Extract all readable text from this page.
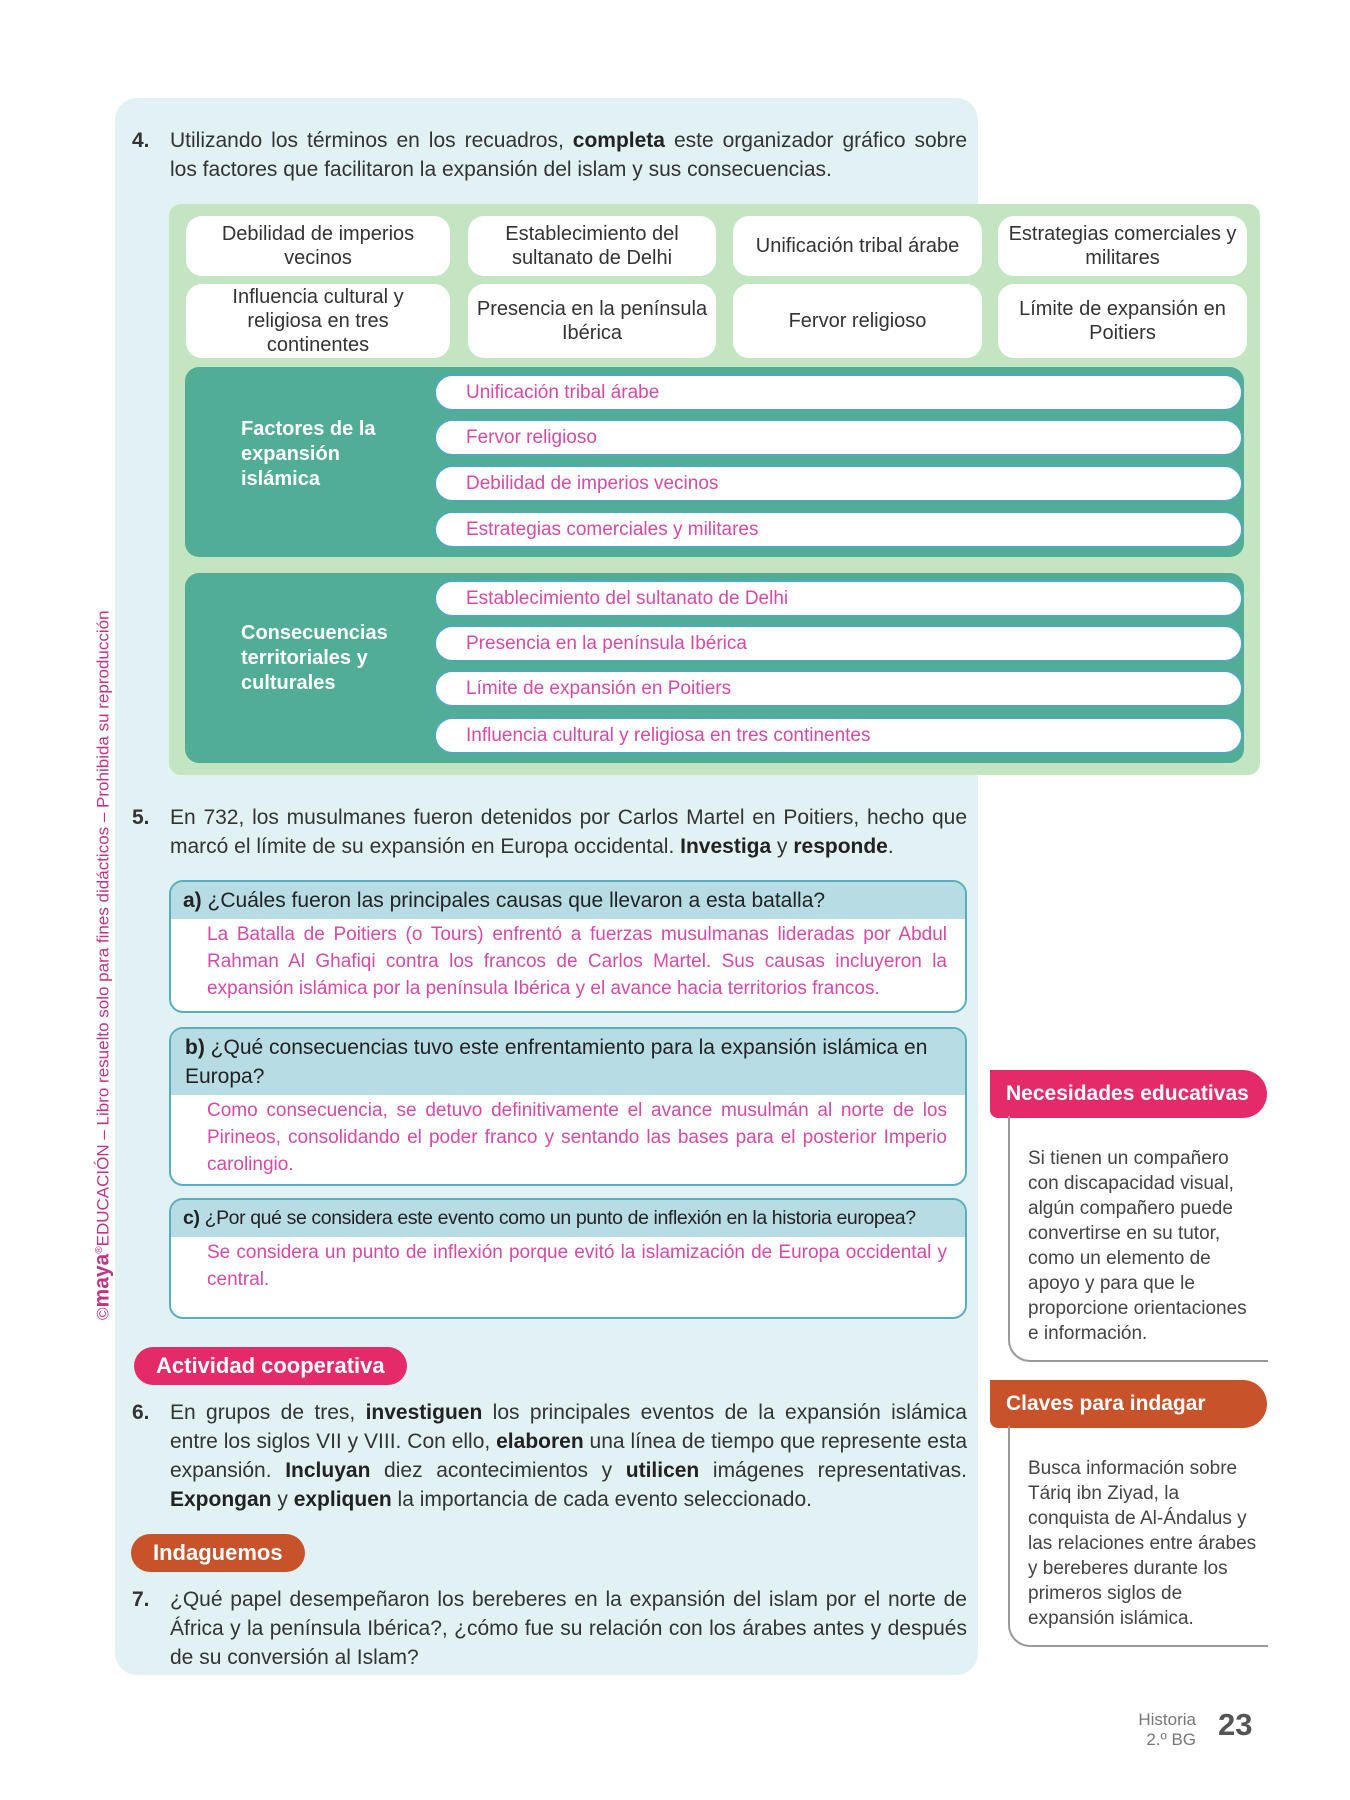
©maya®EDUCACIÓN – Libro resuelto solo para fines didácticos – Prohibida su reproducción
4. Utilizando los términos en los recuadros, completa este organizador gráfico sobre los factores que facilitaron la expansión del islam y sus consecuencias.
Debilidad de imperios vecinos
Establecimiento del sultanato de Delhi
Unificación tribal árabe
Estrategias comerciales y militares
Influencia cultural y religiosa en tres continentes
Presencia en la península Ibérica
Fervor religioso
Límite de expansión en Poitiers
Factores de la expansión islámica
Unificación tribal árabe
Fervor religioso
Debilidad de imperios vecinos
Estrategias comerciales y militares
Consecuencias territoriales y culturales
Establecimiento del sultanato de Delhi
Presencia en la península Ibérica
Límite de expansión en Poitiers
Influencia cultural y religiosa en tres continentes
5. En 732, los musulmanes fueron detenidos por Carlos Martel en Poitiers, hecho que marcó el límite de su expansión en Europa occidental. Investiga y responde.
a) ¿Cuáles fueron las principales causas que llevaron a esta batalla?
La Batalla de Poitiers (o Tours) enfrentó a fuerzas musulmanas lideradas por Abdul Rahman Al Ghafiqi contra los francos de Carlos Martel. Sus causas incluyeron la expansión islámica por la península Ibérica y el avance hacia territorios francos.
b) ¿Qué consecuencias tuvo este enfrentamiento para la expansión islámica en Europa?
Como consecuencia, se detuvo definitivamente el avance musulmán al norte de los Pirineos, consolidando el poder franco y sentando las bases para el posterior Imperio carolingio.
c) ¿Por qué se considera este evento como un punto de inflexión en la historia europea?
Se considera un punto de inflexión porque evitó la islamización de Europa occidental y central.
Actividad cooperativa
6. En grupos de tres, investiguen los principales eventos de la expansión islámica entre los siglos VII y VIII. Con ello, elaboren una línea de tiempo que represente esta expansión. Incluyan diez acontecimientos y utilicen imágenes representativas. Expongan y expliquen la importancia de cada evento seleccionado.
Indaguemos
7. ¿Qué papel desempeñaron los bereberes en la expansión del islam por el norte de África y la península Ibérica?, ¿cómo fue su relación con los árabes antes y después de su conversión al Islam?
Necesidades educativas
Si tienen un compañero con discapacidad visual, algún compañero puede convertirse en su tutor, como un elemento de apoyo y para que le proporcione orientaciones e información.
Claves para indagar
Busca información sobre Táriq ibn Ziyad, la conquista de Al-Ándalus y las relaciones entre árabes y bereberes durante los primeros siglos de expansión islámica.
Historia
2.º BG 23
